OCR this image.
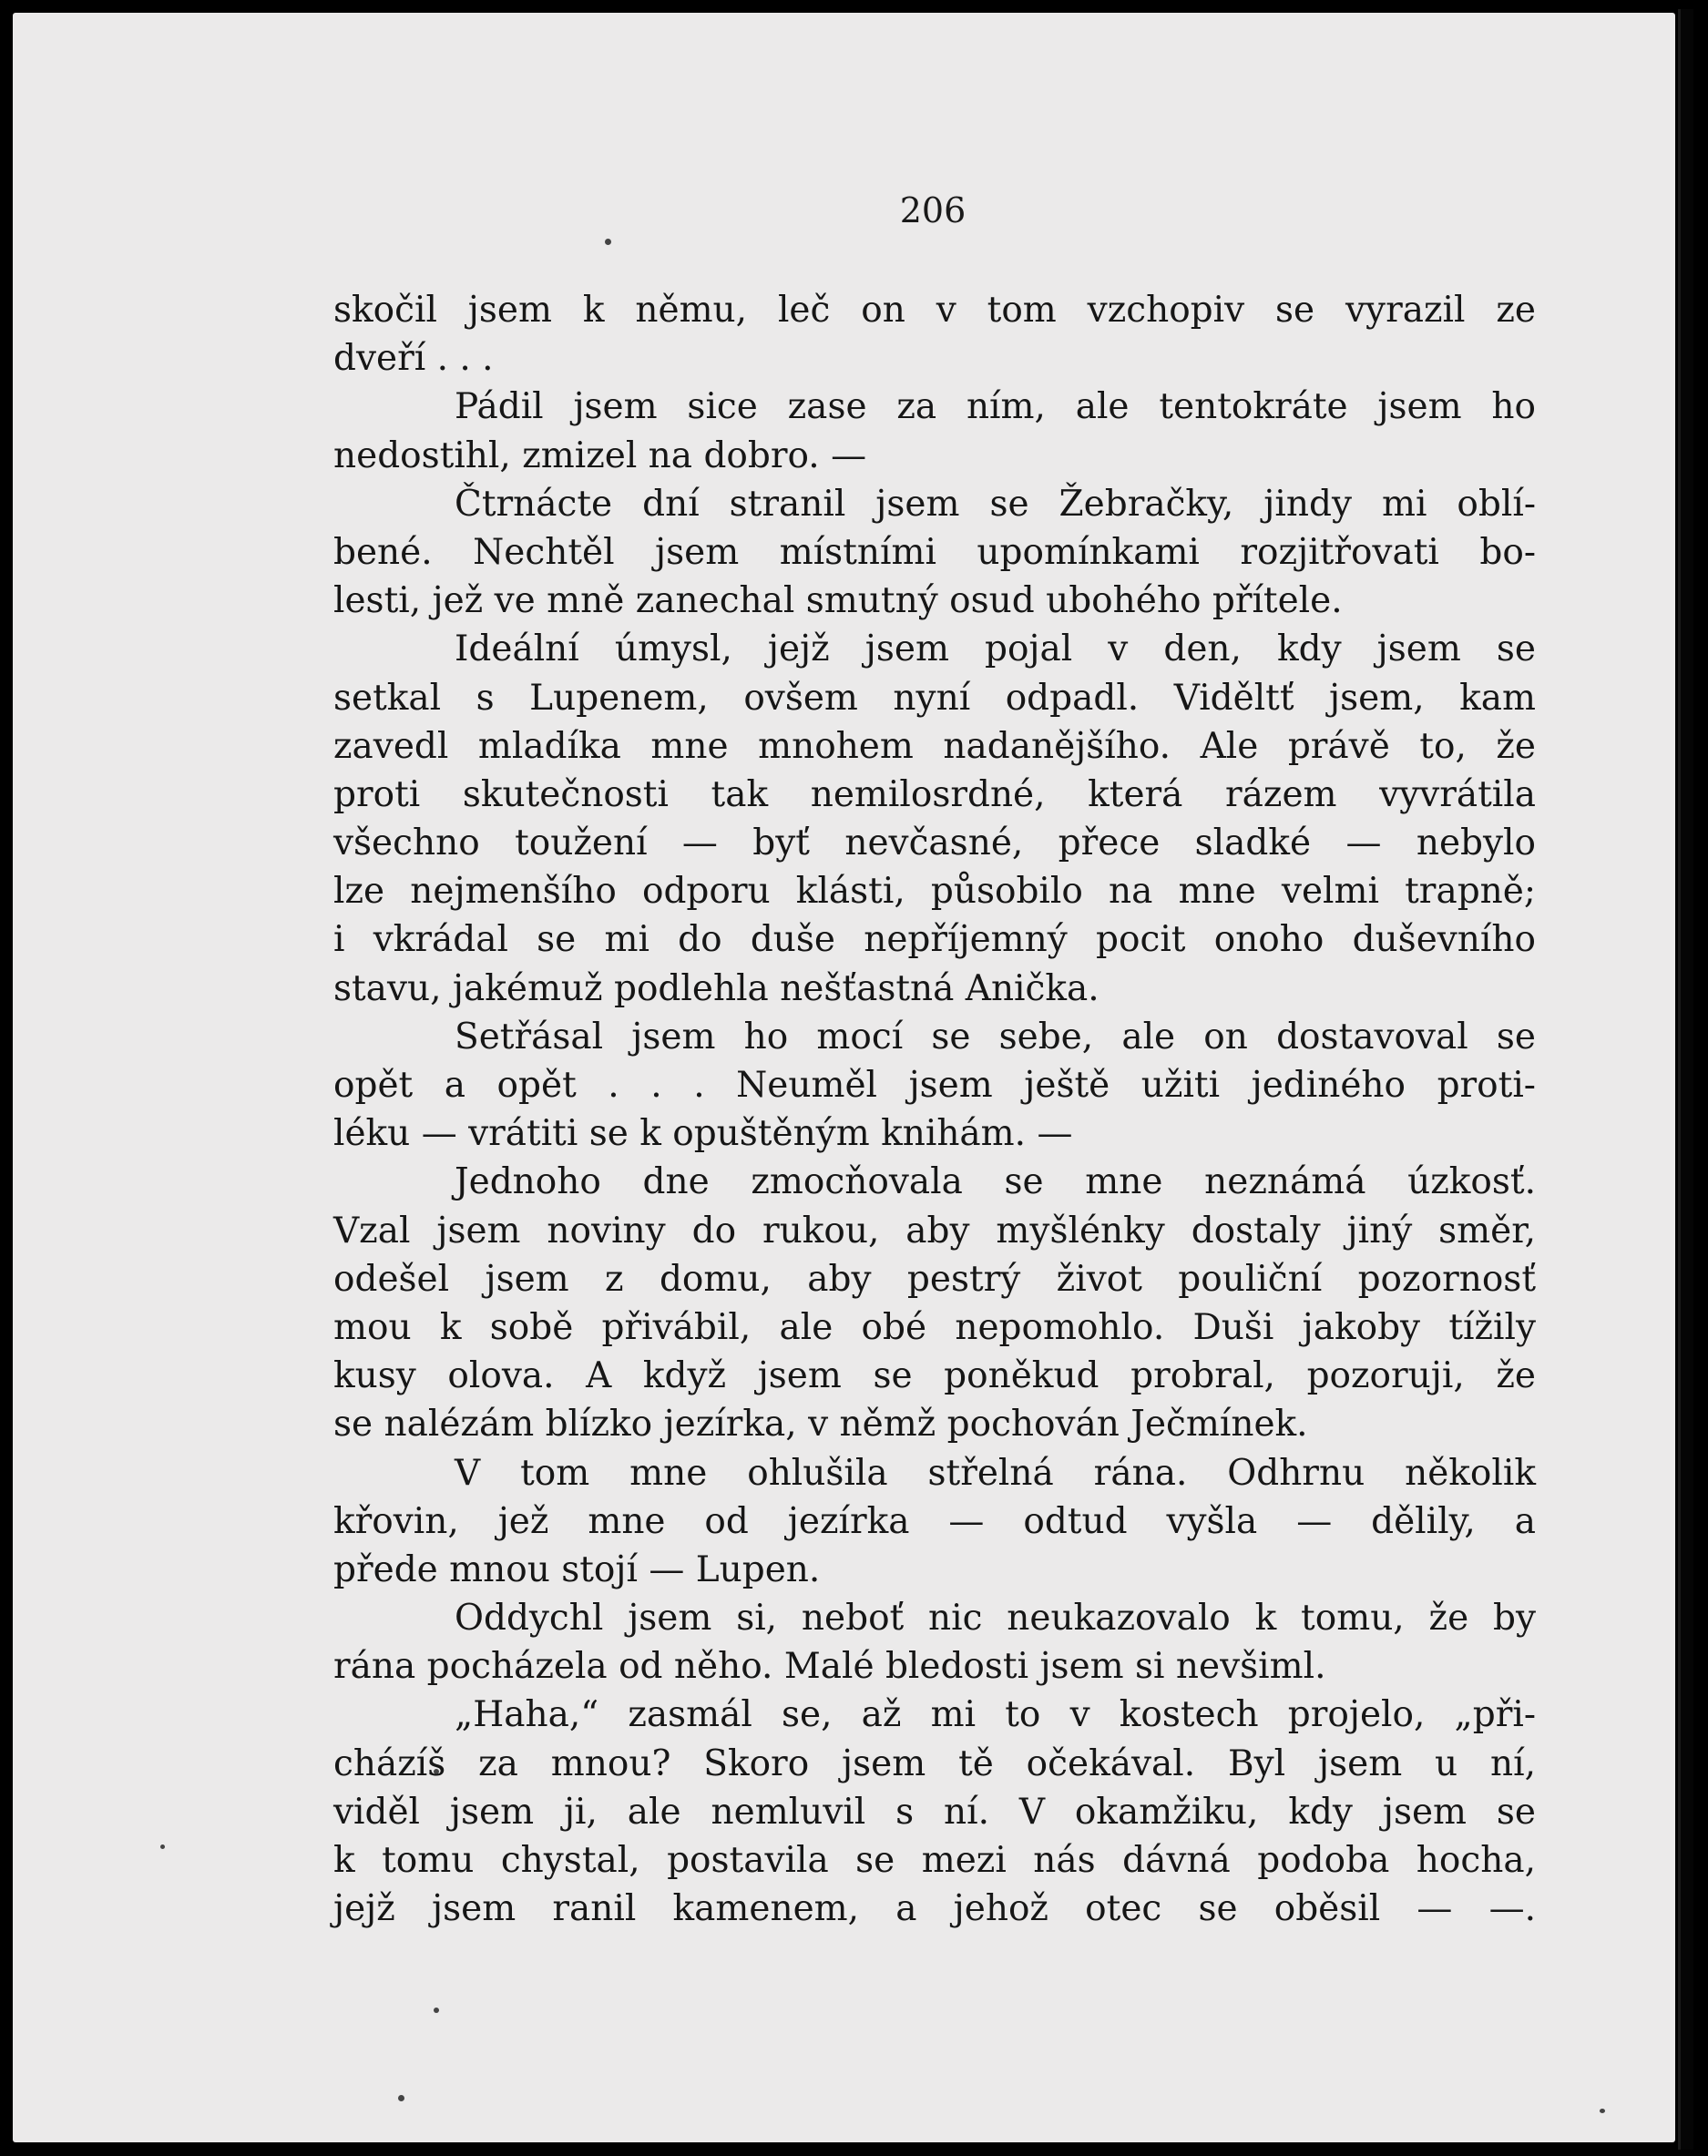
206
skočil jsem k němu, leč on v tom vzchopiv se vyrazil ze
dveří . . .
Pádil jsem sice zase za ním, ale tentokráte jsem ho
nedostihl, zmizel na dobro. —
Čtrnácte dní stranil jsem se Žebračky, jindy mi oblí-
bené. Nechtěl jsem místními upomínkami rozjitřovati bo-
lesti, jež ve mně zanechal smutný osud ubohého přítele.
Ideální úmysl, jejž jsem pojal v den, kdy jsem se
setkal s Lupenem, ovšem nyní odpadl. Viděltť jsem, kam
zavedl mladíka mne mnohem nadanějšího. Ale právě to, že
proti skutečnosti tak nemilosrdné, která rázem vyvrátila
všechno toužení — byť nevčasné, přece sladké — nebylo
lze nejmenšího odporu klásti, působilo na mne velmi trapně;
i vkrádal se mi do duše nepříjemný pocit onoho duševního
stavu, jakémuž podlehla nešťastná Anička.
Setřásal jsem ho mocí se sebe, ale on dostavoval se
opět a opět . . . Neuměl jsem ještě užiti jediného proti-
léku — vrátiti se k opuštěným knihám. —
Jednoho dne zmocňovala se mne neznámá úzkosť.
Vzal jsem noviny do rukou, aby myšlénky dostaly jiný směr,
odešel jsem z domu, aby pestrý život pouliční pozornosť
mou k sobě přivábil, ale obé nepomohlo. Duši jakoby tížily
kusy olova. A když jsem se poněkud probral, pozoruji, že
se nalézám blízko jezírka, v němž pochován Ječmínek.
V tom mne ohlušila střelná rána. Odhrnu několik
křovin, jež mne od jezírka — odtud vyšla — dělily, a
přede mnou stojí — Lupen.
Oddychl jsem si, neboť nic neukazovalo k tomu, že by
rána pocházela od něho. Malé bledosti jsem si nevšiml.
„Haha,“ zasmál se, až mi to v kostech projelo, „při-
cházíš za mnou? Skoro jsem tě očekával. Byl jsem u ní,
viděl jsem ji, ale nemluvil s ní. V okamžiku, kdy jsem se
k tomu chystal, postavila se mezi nás dávná podoba hocha,
jejž jsem ranil kamenem, a jehož otec se oběsil — —.
